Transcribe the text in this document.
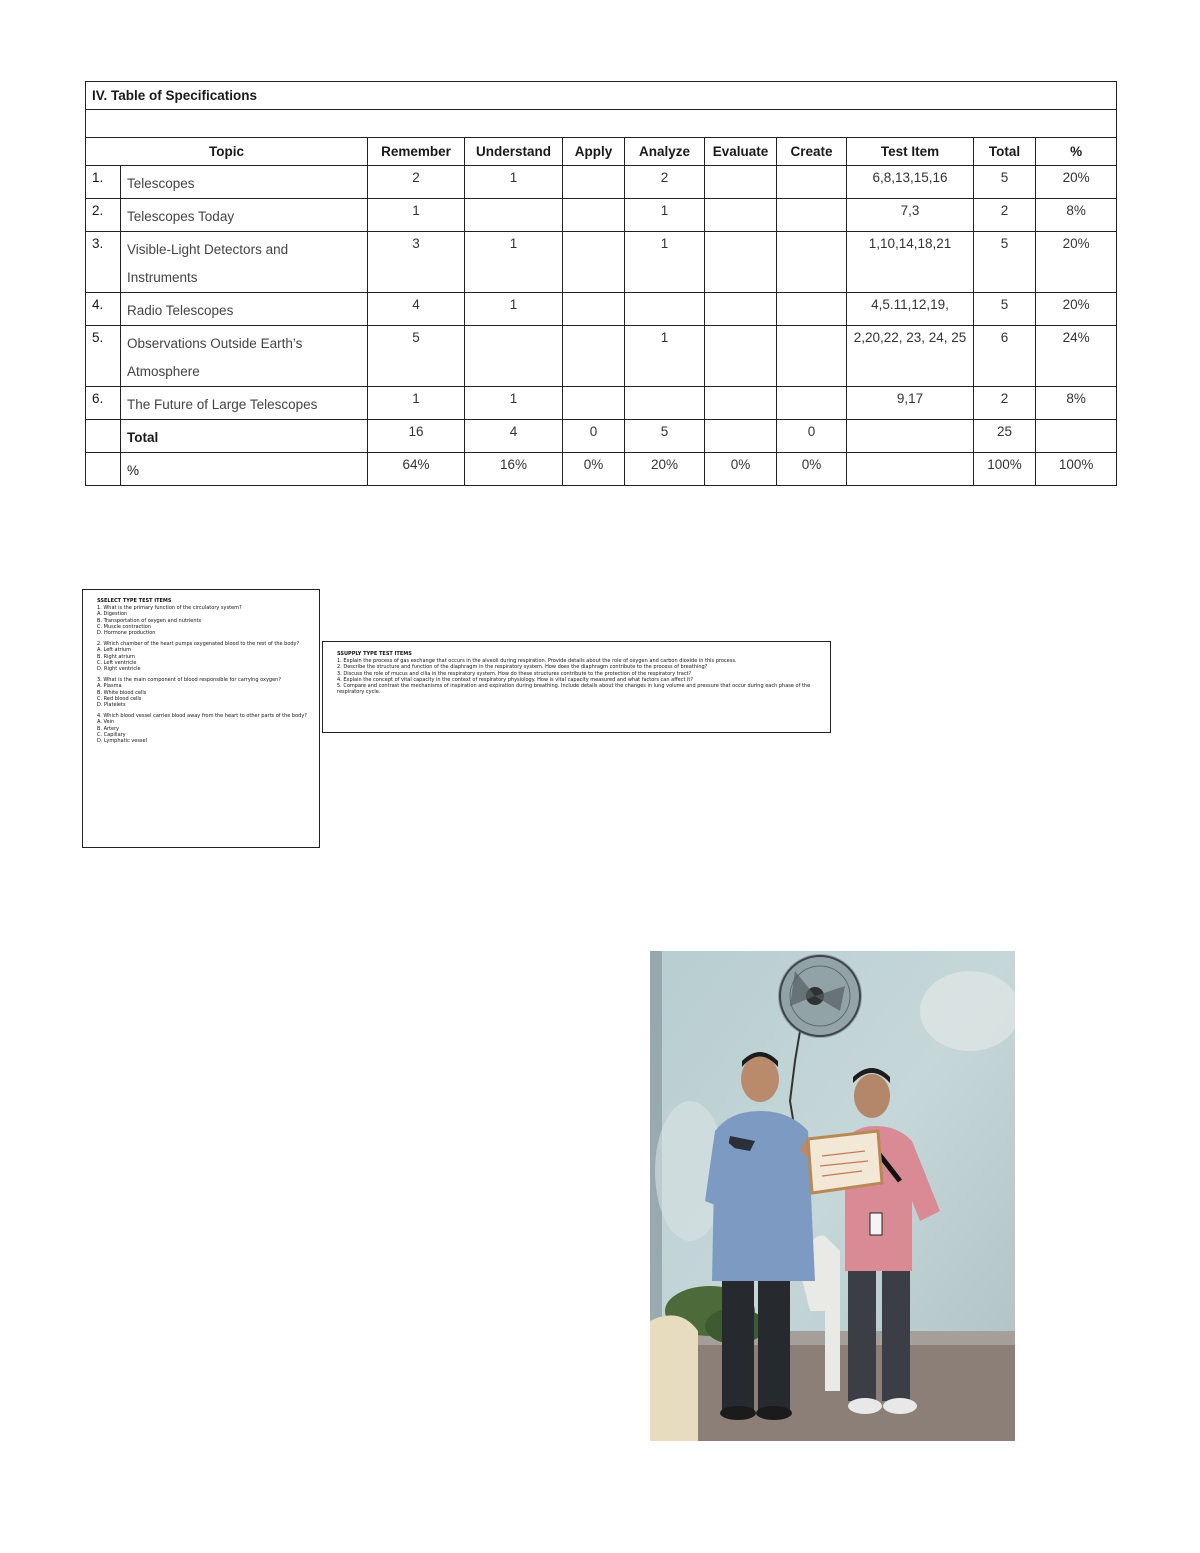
IV. Table of Specifications										

Topic		Remember	Understand	Apply	Analyze	Evaluate	Create	Test Item	Total	%
1.	Telescopes	2	1		2			6,8,13,15,16	5	20%
2.	Telescopes Today	1			1			7,3	2	8%
3.	Visible-Light Detectors and Instruments	3	1		1			1,10,14,18,21	5	20%
4.	Radio Telescopes	4	1					4,5.11,12,19,	5	20%
5.	Observations Outside Earth’s Atmosphere	5			1			2,20,22, 23, 24, 25	6	24%
6.	The Future of Large Telescopes	1	1					9,17	2	8%
	Total	16	4	0	5		0		25	
	%	64%	16%	0%	20%	0%	0%		100%	100%
SSELECT TYPE TEST ITEMS

1. What is the primary function of the circulatory system?

A. Digestion

B. Transportation of oxygen and nutrients

C. Muscle contraction

D. Hormone production

2. Which chamber of the heart pumps oxygenated blood to the rest of the body?

A. Left atrium

B. Right atrium

C. Left ventricle

D. Right ventricle

3. What is the main component of blood responsible for carrying oxygen?

A. Plasma

B. White blood cells

C. Red blood cells

D. Platelets

4. Which blood vessel carries blood away from the heart to other parts of the body?

A. Vein

B. Artery

C. Capillary

D. Lymphatic vessel

SSUPPLY TYPE TEST ITEMS

1. Explain the process of gas exchange that occurs in the alveoli during respiration. Provide details about the role of oxygen and carbon dioxide in this process.

2. Describe the structure and function of the diaphragm in the respiratory system. How does the diaphragm contribute to the process of breathing?

3. Discuss the role of mucus and cilia in the respiratory system. How do these structures contribute to the protection of the respiratory tract?

4. Explain the concept of vital capacity in the context of respiratory physiology. How is vital capacity measured and what factors can affect it?

5. Compare and contrast the mechanisms of inspiration and expiration during breathing. Include details about the changes in lung volume and pressure that occur during each phase of the respiratory cycle.
